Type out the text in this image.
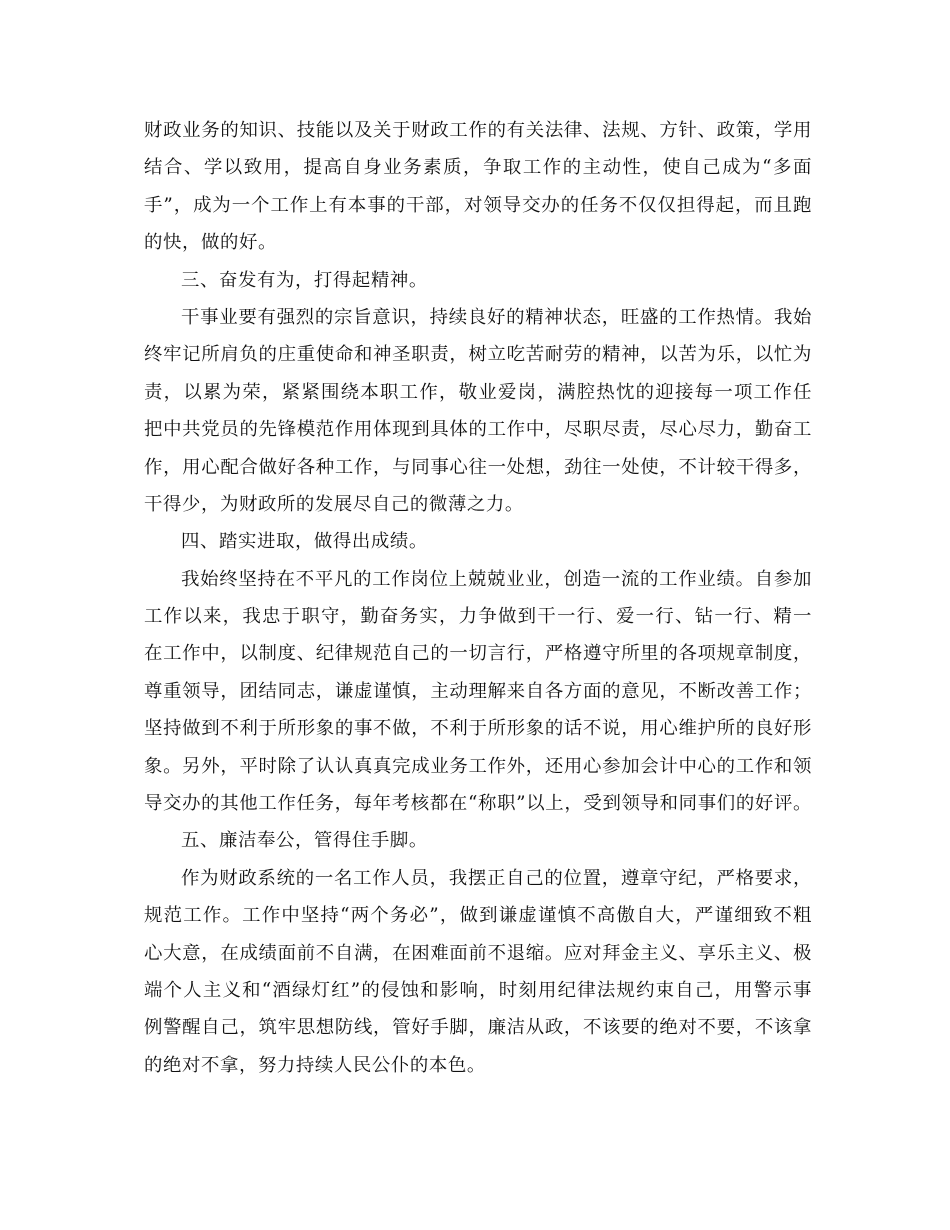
财政业务的知识、技能以及关于财政工作的有关法律、法规、方针、政策，学用
结合、学以致用，提高自身业务素质，争取工作的主动性，使自己成为“多面
手”，成为一个工作上有本事的干部，对领导交办的任务不仅仅担得起，而且跑
的快，做的好。
三、奋发有为，打得起精神。
干事业要有强烈的宗旨意识，持续良好的精神状态，旺盛的工作热情。我始
终牢记所肩负的庄重使命和神圣职责，树立吃苦耐劳的精神，以苦为乐，以忙为
责，以累为荣，紧紧围绕本职工作，敬业爱岗，满腔热忱的迎接每一项工作任
把中共党员的先锋模范作用体现到具体的工作中，尽职尽责，尽心尽力，勤奋工
作，用心配合做好各种工作，与同事心往一处想，劲往一处使，不计较干得多，
干得少，为财政所的发展尽自己的微薄之力。
四、踏实进取，做得出成绩。
我始终坚持在不平凡的工作岗位上兢兢业业，创造一流的工作业绩。自参加
工作以来，我忠于职守，勤奋务实，力争做到干一行、爱一行、钻一行、精一
在工作中，以制度、纪律规范自己的一切言行，严格遵守所里的各项规章制度，
尊重领导，团结同志，谦虚谨慎，主动理解来自各方面的意见，不断改善工作；
坚持做到不利于所形象的事不做，不利于所形象的话不说，用心维护所的良好形
象。另外，平时除了认认真真完成业务工作外，还用心参加会计中心的工作和领
导交办的其他工作任务，每年考核都在“称职”以上，受到领导和同事们的好评。
五、廉洁奉公，管得住手脚。
作为财政系统的一名工作人员，我摆正自己的位置，遵章守纪，严格要求，
规范工作。工作中坚持“两个务必”，做到谦虚谨慎不高傲自大，严谨细致不粗
心大意，在成绩面前不自满，在困难面前不退缩。应对拜金主义、享乐主义、极
端个人主义和“酒绿灯红”的侵蚀和影响，时刻用纪律法规约束自己，用警示事
例警醒自己，筑牢思想防线，管好手脚，廉洁从政，不该要的绝对不要，不该拿
的绝对不拿，努力持续人民公仆的本色。
